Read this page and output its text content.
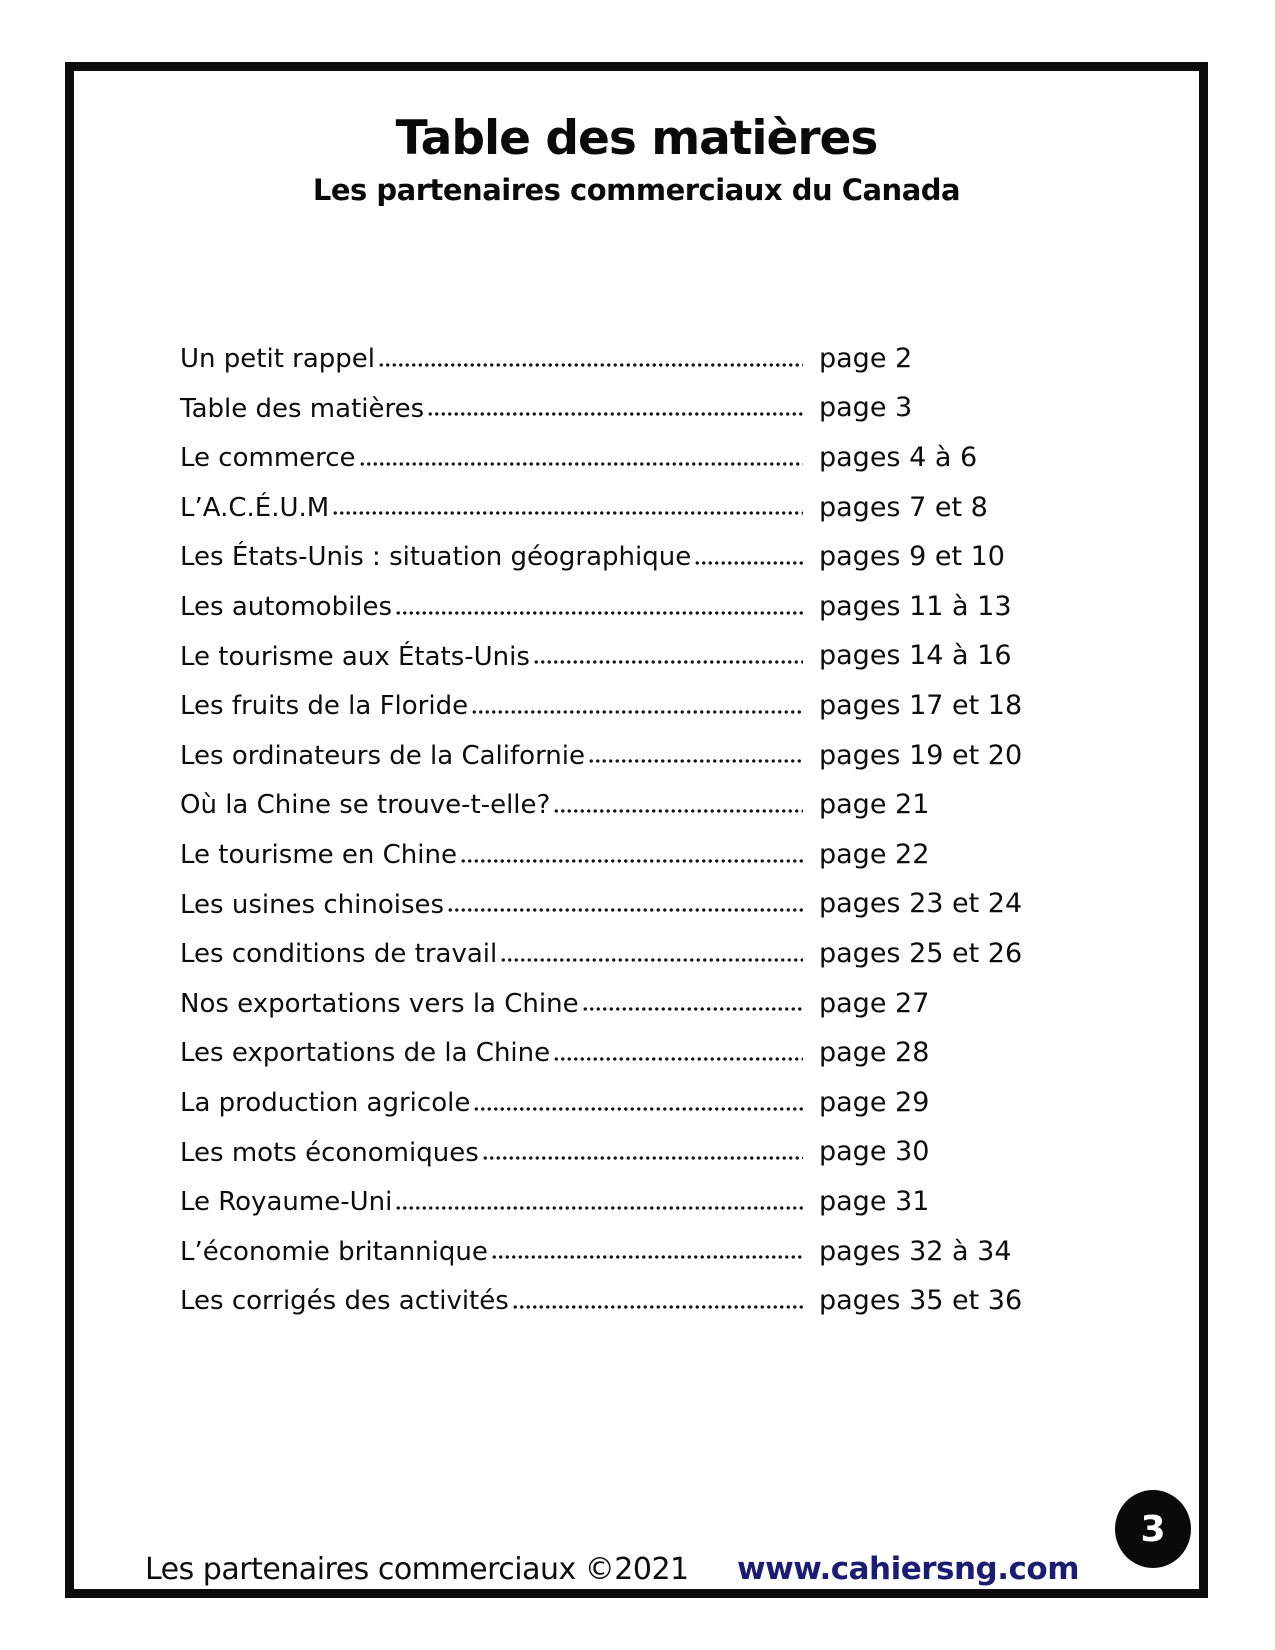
Table des matières
Les partenaires commerciaux du Canada
Un petit rappel	page 2
Table des matières	page 3
Le commerce	pages 4 à 6
L’A.C.É.U.M	pages 7 et 8
Les États-Unis : situation géographique	pages 9 et 10
Les automobiles	pages 11 à 13
Le tourisme aux États-Unis	pages 14 à 16
Les fruits de la Floride	pages 17 et 18
Les ordinateurs de la Californie	pages 19 et 20
Où la Chine se trouve-t-elle?	page 21
Le tourisme en Chine	page 22
Les usines chinoises	pages 23 et 24
Les conditions de travail	pages 25 et 26
Nos exportations vers la Chine	page 27
Les exportations de la Chine	page 28
La production agricole	page 29
Les mots économiques	page 30
Le Royaume-Uni	page 31
L’économie britannique	pages 32 à 34
Les corrigés des activités	pages 35 et 36
Les partenaires commerciaux ©2021 www.cahiersng.com
3
